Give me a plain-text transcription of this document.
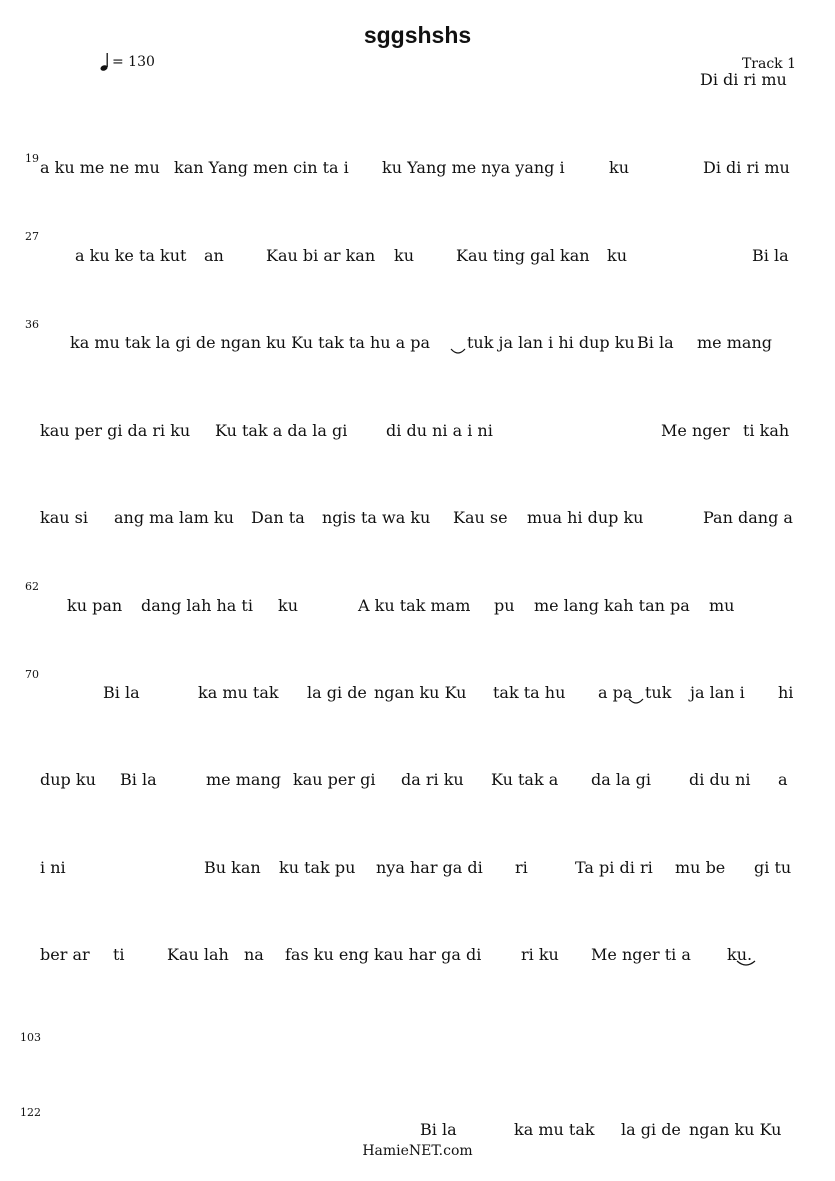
sggshshs
= 130	Track 1
19
27
36
62
70
103
122
Di di ri mu
a ku me ne mu kan Yang men cin ta i ku Yang me nya yang i	ku	Di di ri mu
a ku ke ta kut an	Kau bi ar kan ku	Kau ting gal kan ku	Bi la
ka mu tak la gi de ngan ku Ku tak ta hu a pa tuk ja lan i hi dup ku Bi la me mang
kau per gi da ri ku Ku tak a da la gi di du ni a i ni	Me nger ti kah
kau si ang ma lam ku Dan ta ngis ta wa ku Kau se mua hi dup ku	Pan dang a
ku pan dang lah ha ti ku	A ku tak mam pu me lang kah tan pa mu
Bi la	ka mu tak la gi de ngan ku Ku tak ta hu a pa tuk ja lan i hi
dup ku Bi la	me mang kau per gi da ri ku Ku tak a da la gi di du ni a
i ni	Bu kan ku tak pu nya har ga di ri	Ta pi di ri mu be gi tu
ber ar ti	Kau lah na fas ku eng kau har ga di ri ku Me nger ti a ku.
Bi la	ka mu tak la gi de ngan ku Ku
HamieNET.com
